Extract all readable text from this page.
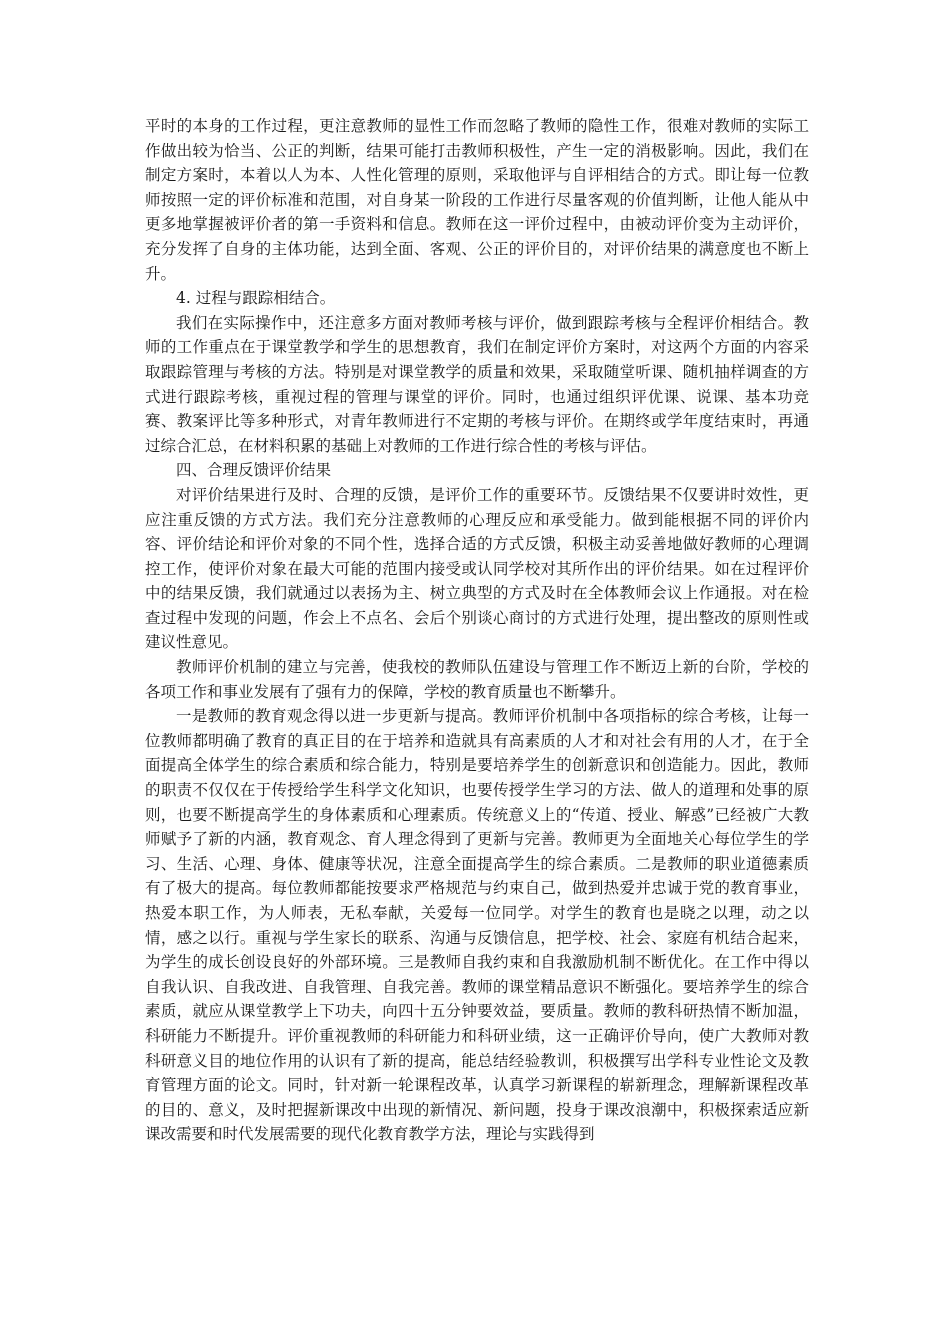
平时的本身的工作过程，更注意教师的显性工作而忽略了教师的隐性工作，很难对教师的实际工作做出较为恰当、公正的判断，结果可能打击教师积极性，产生一定的消极影响。因此，我们在制定方案时，本着以人为本、人性化管理的原则，采取他评与自评相结合的方式。即让每一位教师按照一定的评价标准和范围，对自身某一阶段的工作进行尽量客观的价值判断，让他人能从中更多地掌握被评价者的第一手资料和信息。教师在这一评价过程中，由被动评价变为主动评价，充分发挥了自身的主体功能，达到全面、客观、公正的评价目的，对评价结果的满意度也不断上升。

4. 过程与跟踪相结合。

我们在实际操作中，还注意多方面对教师考核与评价，做到跟踪考核与全程评价相结合。教师的工作重点在于课堂教学和学生的思想教育，我们在制定评价方案时，对这两个方面的内容采取跟踪管理与考核的方法。特别是对课堂教学的质量和效果，采取随堂听课、随机抽样调查的方式进行跟踪考核，重视过程的管理与课堂的评价。同时，也通过组织评优课、说课、基本功竞赛、教案评比等多种形式，对青年教师进行不定期的考核与评价。在期终或学年度结束时，再通过综合汇总，在材料积累的基础上对教师的工作进行综合性的考核与评估。

四、合理反馈评价结果

对评价结果进行及时、合理的反馈，是评价工作的重要环节。反馈结果不仅要讲时效性，更应注重反馈的方式方法。我们充分注意教师的心理反应和承受能力。做到能根据不同的评价内容、评价结论和评价对象的不同个性，选择合适的方式反馈，积极主动妥善地做好教师的心理调控工作，使评价对象在最大可能的范围内接受或认同学校对其所作出的评价结果。如在过程评价中的结果反馈，我们就通过以表扬为主、树立典型的方式及时在全体教师会议上作通报。对在检查过程中发现的问题，作会上不点名、会后个别谈心商讨的方式进行处理，提出整改的原则性或建议性意见。

教师评价机制的建立与完善，使我校的教师队伍建设与管理工作不断迈上新的台阶，学校的各项工作和事业发展有了强有力的保障，学校的教育质量也不断攀升。

一是教师的教育观念得以进一步更新与提高。教师评价机制中各项指标的综合考核，让每一位教师都明确了教育的真正目的在于培养和造就具有高素质的人才和对社会有用的人才，在于全面提高全体学生的综合素质和综合能力，特别是要培养学生的创新意识和创造能力。因此，教师的职责不仅仅在于传授给学生科学文化知识，也要传授学生学习的方法、做人的道理和处事的原则，也要不断提高学生的身体素质和心理素质。传统意义上的“传道、授业、解惑”已经被广大教师赋予了新的内涵，教育观念、育人理念得到了更新与完善。教师更为全面地关心每位学生的学习、生活、心理、身体、健康等状况，注意全面提高学生的综合素质。二是教师的职业道德素质有了极大的提高。每位教师都能按要求严格规范与约束自己，做到热爱并忠诚于党的教育事业，热爱本职工作，为人师表，无私奉献，关爱每一位同学。对学生的教育也是晓之以理，动之以情，感之以行。重视与学生家长的联系、沟通与反馈信息，把学校、社会、家庭有机结合起来，为学生的成长创设良好的外部环境。三是教师自我约束和自我激励机制不断优化。在工作中得以自我认识、自我改进、自我管理、自我完善。教师的课堂精品意识不断强化。要培养学生的综合素质，就应从课堂教学上下功夫，向四十五分钟要效益，要质量。教师的教科研热情不断加温，科研能力不断提升。评价重视教师的科研能力和科研业绩，这一正确评价导向，使广大教师对教科研意义目的地位作用的认识有了新的提高，能总结经验教训，积极撰写出学科专业性论文及教育管理方面的论文。同时，针对新一轮课程改革，认真学习新课程的崭新理念，理解新课程改革的目的、意义，及时把握新课改中出现的新情况、新问题，投身于课改浪潮中，积极探索适应新课改需要和时代发展需要的现代化教育教学方法，理论与实践得到
